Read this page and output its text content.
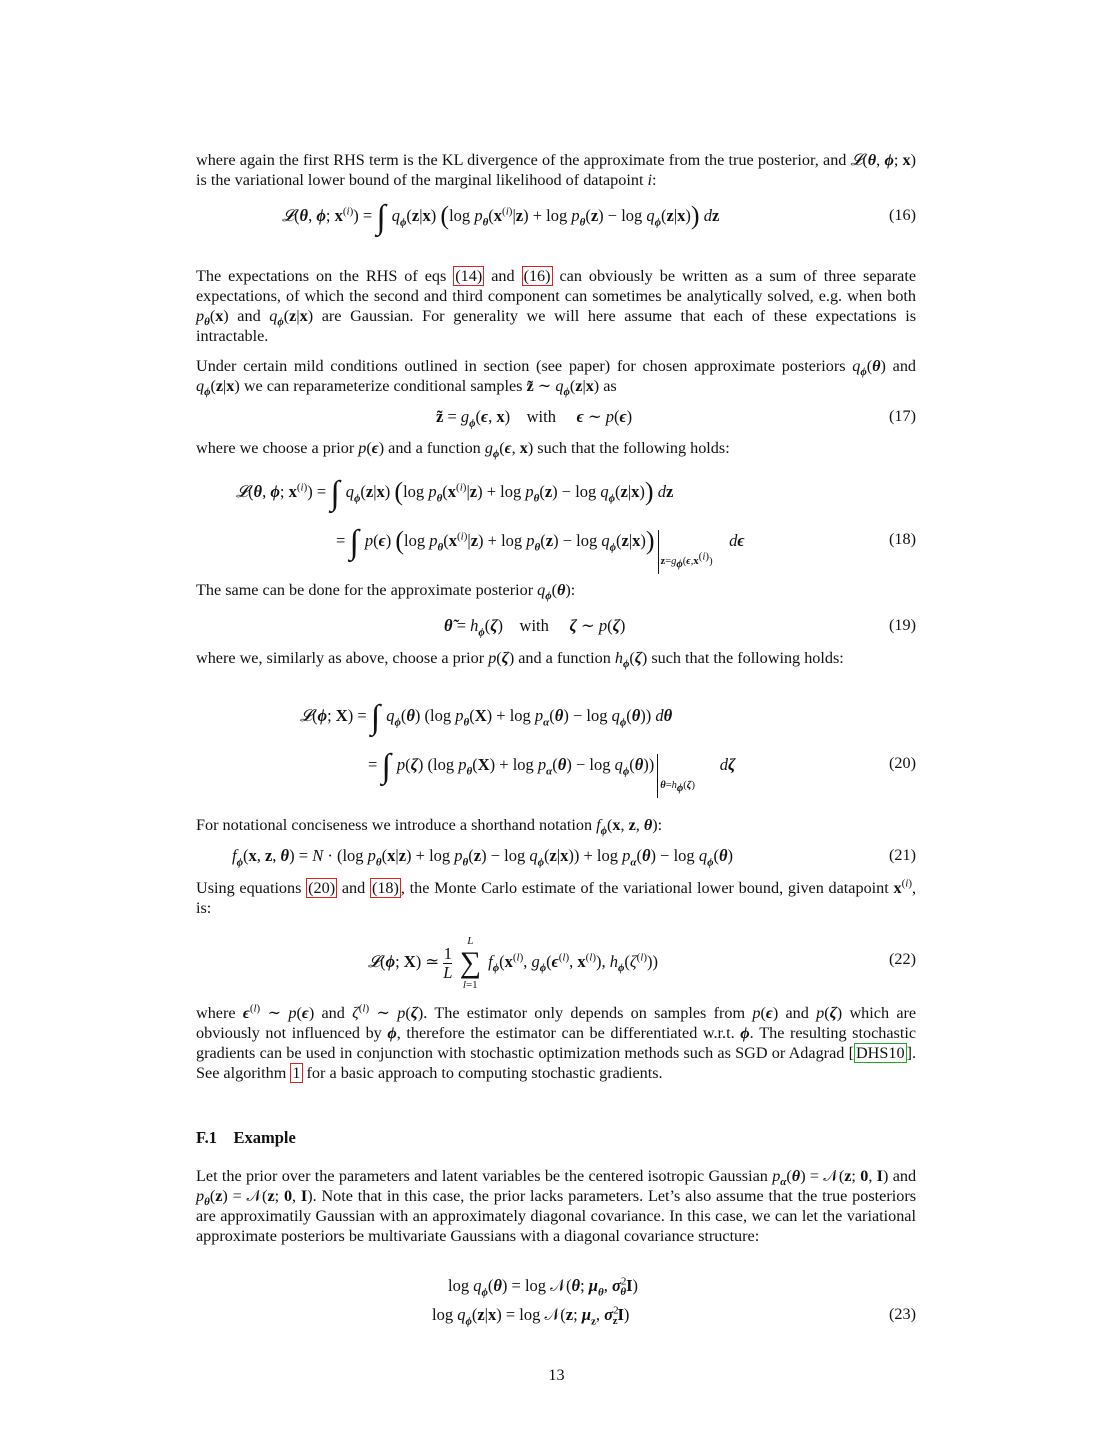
where again the first RHS term is the KL divergence of the approximate from the true posterior, and 𝓛(θ, ϕ; x) is the variational lower bound of the marginal likelihood of datapoint i:

𝓛(θ, ϕ; $x^{(i)}$) = ∫ $q_\phi(z|x)$ (log $p_\theta(x^{(i)}|z) + \log p_\theta(z) - \log q_\phi(z|x)$) dz	(16)

The expectations on the RHS of eqs (14) and (16) can obviously be written as a sum of three separate expectations, of which the second and third component can sometimes be analytically solved, e.g. when both $p_\theta(x)$ and $q_\phi(z|x)$ are Gaussian. For generality we will here assume that each of these expectations is intractable.

Under certain mild conditions outlined in section (see paper) for chosen approximate posteriors $q_\phi(\theta)$ and $q_\phi(z|x)$ we can reparameterize conditional samples z̃ ∼ $q_\phi(z|x)$ as

z̃ = $g_\phi(\epsilon$, x)    with ϵ ∼ p(ϵ)	(17)

where we choose a prior p(ϵ) and a function $g_\phi(\epsilon$, x) such that the following holds:

𝓛(θ, ϕ; $x^{(i)}$) = ∫ $q_\phi(z|x)$ (log $p_\theta(x^{(i)}|z) + \log p_\theta(z) - \log q_\phi(z|x)$) dz
= ∫ p(ϵ) (log $p_\theta(x^{(i)}|z) + \log p_\theta(z) - \log q_\phi(z|x))_{z=g_\phi(\epsilon,x^{(i)})}$    dϵ	(18)

The same can be done for the approximate posterior $q_\phi(\theta)$:

θ̃ = $h_\phi(\zeta)$    with ζ ∼ p(ζ)	(19)

where we, similarly as above, choose a prior p(ζ) and a function $h_\phi(\zeta)$ such that the following holds:

𝓛(ϕ; X) = ∫ $q_\phi(\theta)$ (log $p_\theta(X) + \log p_\alpha(\theta) - \log q_\phi(\theta)$) dθ
= ∫ p(ζ) (log $p_\theta(X) + \log p_\alpha(\theta) - \log q_\phi(\theta))_{\theta=h_\phi(\zeta)}$      dζ	(20)

For notational conciseness we introduce a shorthand notation $f_\phi(x$, z, θ):

$f_\phi(x$, z, θ) = N · (log $p_\theta(x|z) + \log p_\theta(z) - \log q_\phi(z|x)) + \log p_\alpha(\theta) - \log q_\phi(\theta)$	(21)

Using equations (20) and (18) , the Monte Carlo estimate of the variational lower bound, given datapoint $x^{(i)}$, is:

𝓛(ϕ; X) ≃ $\frac{1}{L}$

L
∑
l=1
$f_\phi(x^{(l)}$, $g_\phi(\epsilon^{(l)}$, $x^{(l)}$), $h_\phi(\zeta^{(l)})$)	(22)

where $\epsilon^{(l)}$ ∼ p(ϵ) and $\zeta^{(l)}$ ∼ p(ζ). The estimator only depends on samples from p(ϵ) and p(ζ) which are obviously not influenced by ϕ, therefore the estimator can be differentiated w.r.t. ϕ. The resulting stochastic gradients can be used in conjunction with stochastic optimization methods such as SGD or Adagrad [ DHS10 ]. See algorithm 1 for a basic approach to computing stochastic gradients.

F.1 Example

Let the prior over the parameters and latent variables be the centered isotropic Gaussian $p_\alpha(\theta)$ = 𝒩(z; 0, I) and $p_\theta(z)$ = 𝒩(z; 0, I). Note that in this case, the prior lacks parameters. Let’s also assume that the true posteriors are approximatily Gaussian with an approximately diagonal covariance. In this case, we can let the variational approximate posteriors be multivariate Gaussians with a diagonal covariance structure:

$\log q_\phi(\theta) = \log$ 𝒩(θ; $\mu_\theta$, $\sigma^2_\theta I$)
$\log q_\phi(z|x) = \log$ 𝒩(z; $\mu_z$, $\sigma^2_zI$)	(23)
13
